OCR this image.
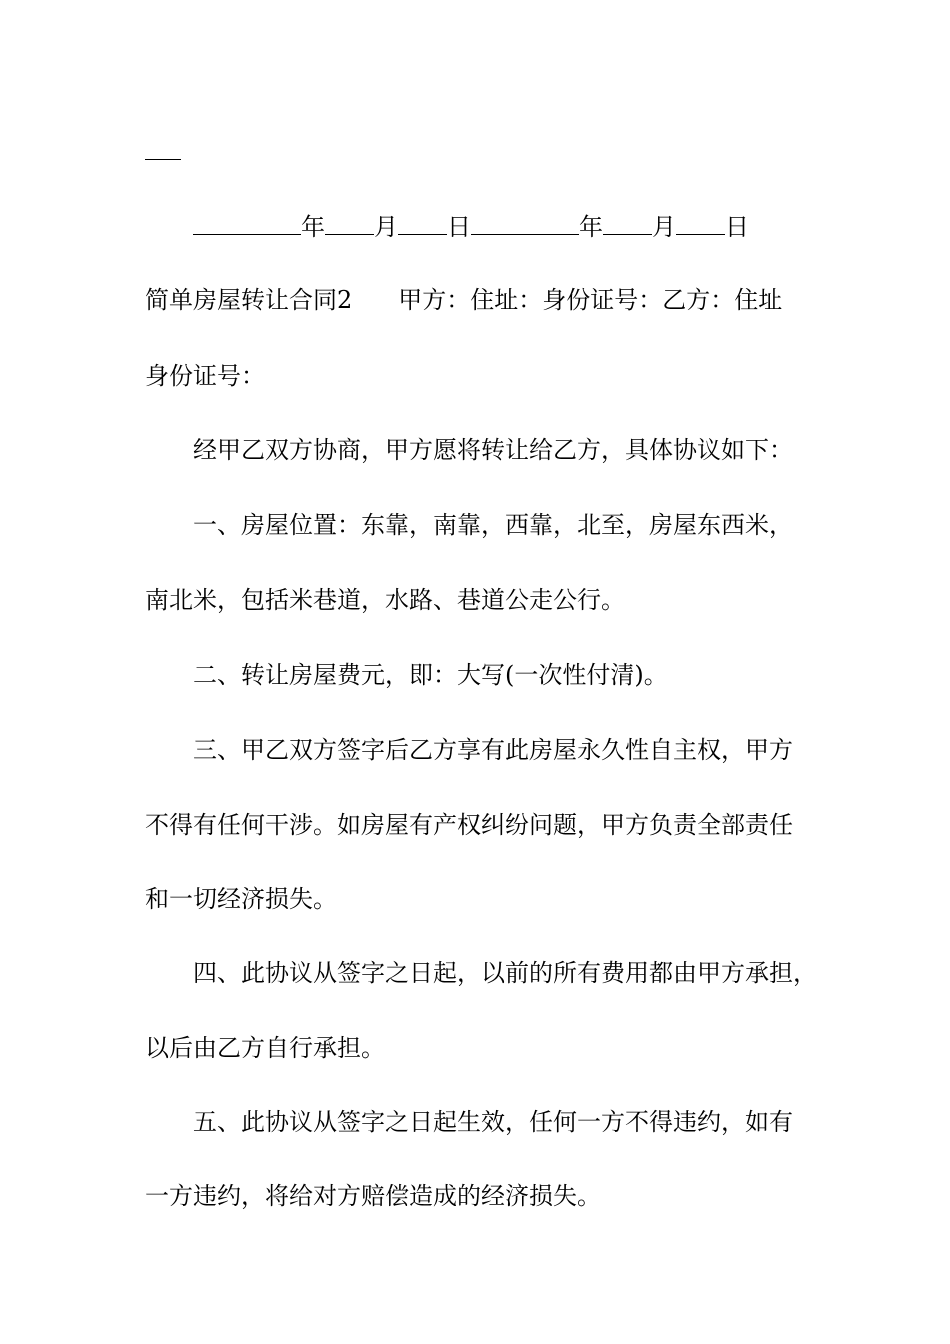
年 月 日	年 月 日
简单房屋转让合同2 甲方：住址：身份证号：乙方：住址
身份证号：
经甲乙双方协商，甲方愿将转让给乙方，具体协议如下：
一、房屋位置：东靠，南靠，西靠，北至，房屋东西米，
南北米，包括米巷道，水路、巷道公走公行。
二、转让房屋费元，即：大写(一次性付清)。
三、甲乙双方签字后乙方享有此房屋永久性自主权，甲方
不得有任何干涉。如房屋有产权纠纷问题，甲方负责全部责任
和一切经济损失。
四、此协议从签字之日起，以前的所有费用都由甲方承担，
以后由乙方自行承担。
五、此协议从签字之日起生效，任何一方不得违约，如有
一方违约，将给对方赔偿造成的经济损失。
